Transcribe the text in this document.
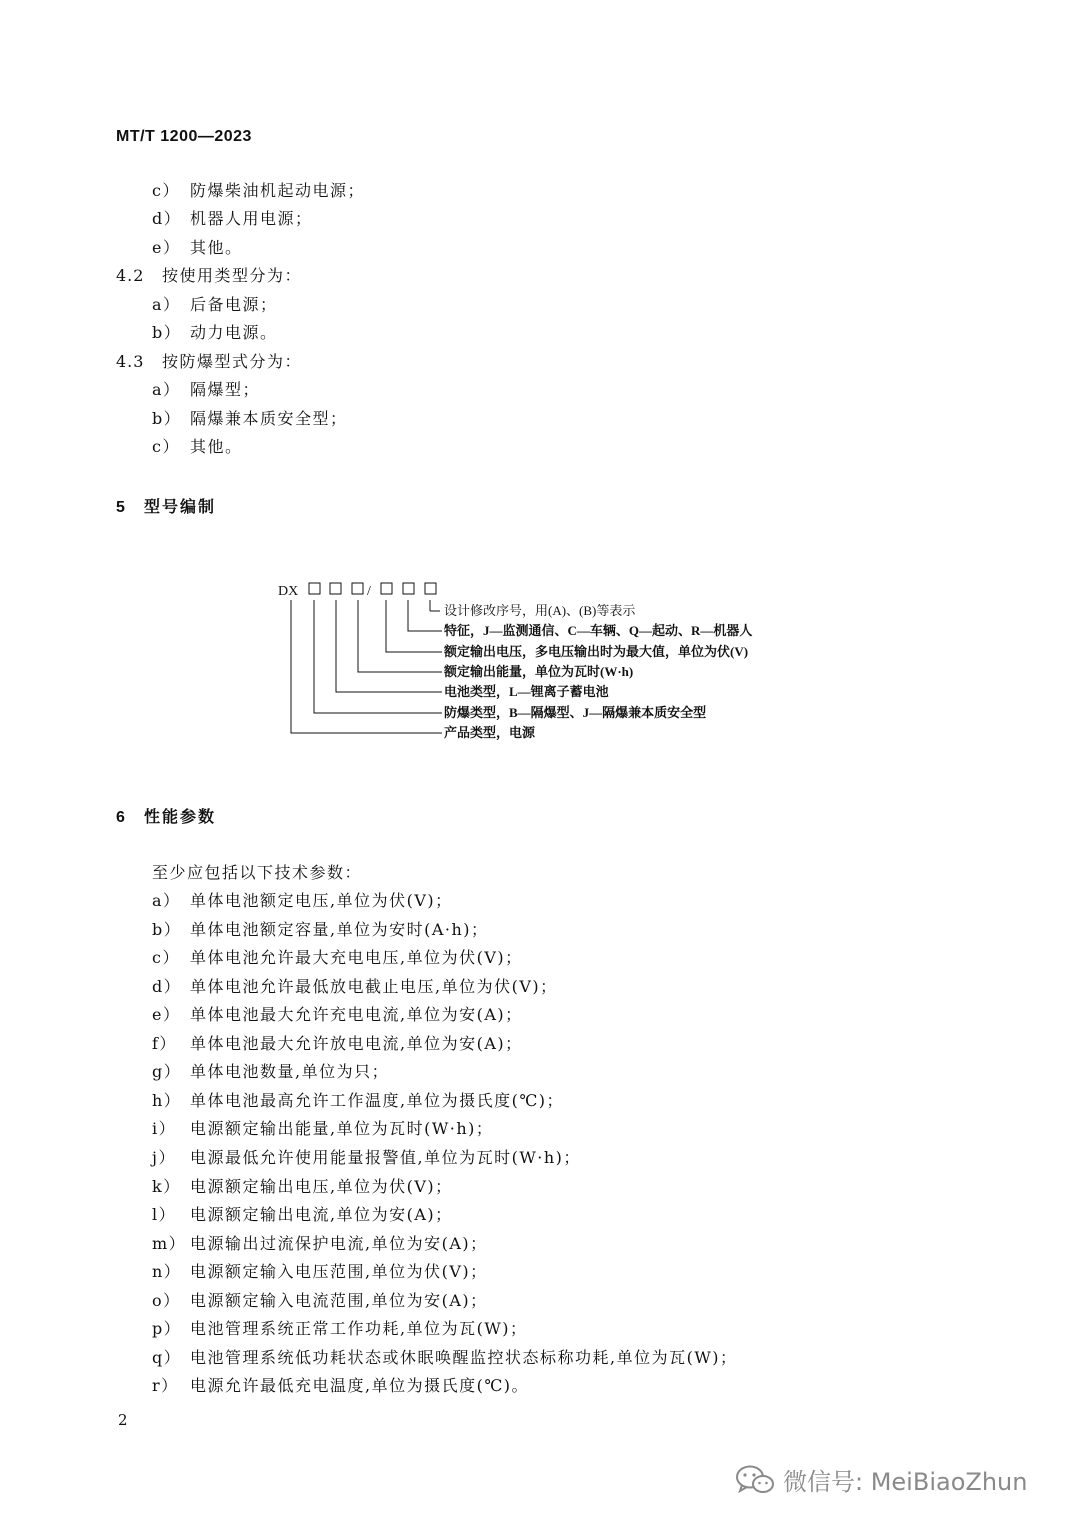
MT/T 1200—2023
c） 防爆柴油机起动电源；
d） 机器人用电源；
e） 其他。
4.2 按使用类型分为：
a） 后备电源；
b） 动力电源。
4.3 按防爆型式分为：
a） 隔爆型；
b） 隔爆兼本质安全型；
c） 其他。
5 型号编制
DX	/
设计修改序号，用(A)、(B)等表示
特征，J—监测通信、C—车辆、Q—起动、R—机器人
额定输出电压，多电压输出时为最大值，单位为伏(V)
额定输出能量，单位为瓦时(W·h)
电池类型，L—锂离子蓄电池
防爆类型，B—隔爆型、J—隔爆兼本质安全型
产品类型，电源
6 性能参数
至少应包括以下技术参数：
a） 单体电池额定电压,单位为伏(V)；
b） 单体电池额定容量,单位为安时(A·h)；
c） 单体电池允许最大充电电压,单位为伏(V)；
d） 单体电池允许最低放电截止电压,单位为伏(V)；
e） 单体电池最大允许充电电流,单位为安(A)；
f） 单体电池最大允许放电电流,单位为安(A)；
g） 单体电池数量,单位为只；
h） 单体电池最高允许工作温度,单位为摄氏度(℃)；
i） 电源额定输出能量,单位为瓦时(W·h)；
j） 电源最低允许使用能量报警值,单位为瓦时(W·h)；
k） 电源额定输出电压,单位为伏(V)；
l） 电源额定输出电流,单位为安(A)；
m） 电源输出过流保护电流,单位为安(A)；
n） 电源额定输入电压范围,单位为伏(V)；
o） 电源额定输入电流范围,单位为安(A)；
p） 电池管理系统正常工作功耗,单位为瓦(W)；
q） 电池管理系统低功耗状态或休眠唤醒监控状态标称功耗,单位为瓦(W)；
r） 电源允许最低充电温度,单位为摄氏度(℃)。
2
微信号: MeiBiaoZhun
